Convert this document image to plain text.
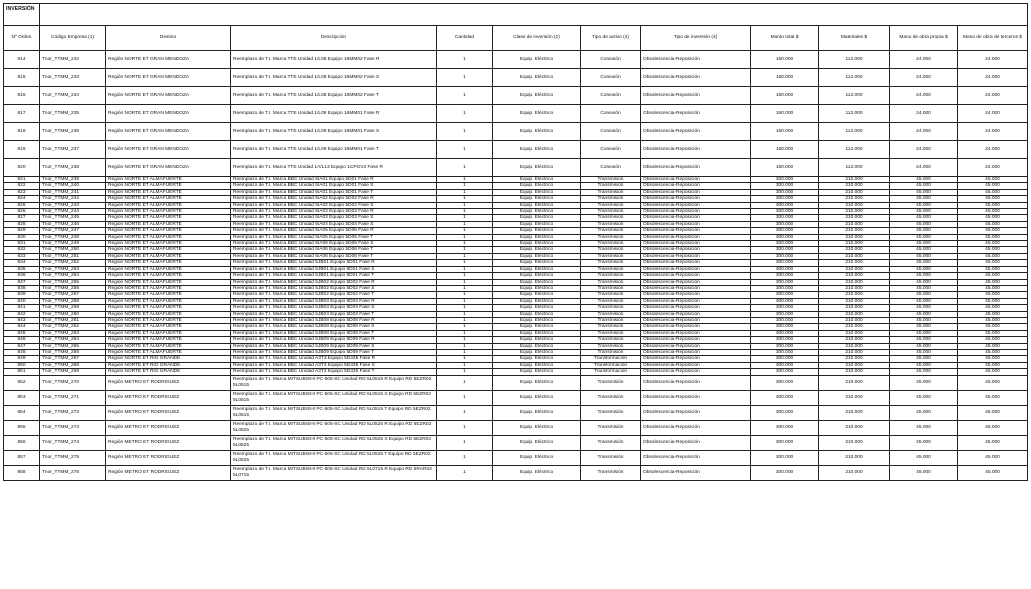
INVERSIÓN											
Nº Orden	Código Empresa (1)	Destino	Descripción	Cantidad	Clase de inversión (2)	Tipo de activo (4)	Tipo de inversión (4)	Monto total $	Materiales $	Mano de obra propia $	Mano de obra de terceros $
814	Tnor_TTMM_232	Región NORTE ET GRAN MENDOZA	Reemplazo de T.I. Marca TTE Unidad 1/L08 Equipo 16MM02 Fase R	1	Equip. Eléctrico	Conexión	Obsolescencia-Reposición	160.000	112.000	24.000	24.000
815	Tnor_TTMM_233	Región NORTE ET GRAN MENDOZA	Reemplazo de T.I. Marca TTE Unidad 1/L08 Equipo 16MM02 Fase S	1	Equip. Eléctrico	Conexión	Obsolescencia-Reposición	160.000	112.000	24.000	24.000
816	Tnor_TTMM_234	Región NORTE ET GRAN MENDOZA	Reemplazo de T.I. Marca TTE Unidad 1/L08 Equipo 16MM02 Fase T	1	Equip. Eléctrico	Conexión	Obsolescencia-Reposición	160.000	112.000	24.000	24.000
817	Tnor_TTMM_235	Región NORTE ET GRAN MENDOZA	Reemplazo de T.I. Marca TTE Unidad 1/L09 Equipo 16MM01 Fase R	1	Equip. Eléctrico	Conexión	Obsolescencia-Reposición	160.000	112.000	24.000	24.000
818	Tnor_TTMM_236	Región NORTE ET GRAN MENDOZA	Reemplazo de T.I. Marca TTE Unidad 1/L09 Equipo 16MM01 Fase S	1	Equip. Eléctrico	Conexión	Obsolescencia-Reposición	160.000	112.000	24.000	24.000
819	Tnor_TTMM_237	Región NORTE ET GRAN MENDOZA	Reemplazo de T.I. Marca TTE Unidad 1/L09 Equipo 16MM01 Fase T	1	Equip. Eléctrico	Conexión	Obsolescencia-Reposición	160.000	112.000	24.000	24.000
820	Tnor_TTMM_238	Región NORTE ET GRAN MENDOZA	Reemplazo de T.I. Marca TTE Unidad 1A/L13 Equipo 1CPGV2 Fase R	1	Equip. Eléctrico	Conexión	Obsolescencia-Reposición	160.000	112.000	24.000	24.000
821	Tnor_TTMM_239	Región NORTE ET ALMAFUERTE	Reemplazo de T.I. Marca BBC Unidad 5IA01 Equipo 5D01 Fase R	1	Equip. Eléctrico	Transmisión	Obsolescencia-Reposición	300.000	210.000	45.000	45.000
822	Tnor_TTMM_240	Región NORTE ET ALMAFUERTE	Reemplazo de T.I. Marca BBC Unidad 5IA01 Equipo 5D01 Fase S	1	Equip. Eléctrico	Transmisión	Obsolescencia-Reposición	300.000	210.000	45.000	45.000
823	Tnor_TTMM_241	Región NORTE ET ALMAFUERTE	Reemplazo de T.I. Marca BBC Unidad 5IA01 Equipo 5D01 Fase T	1	Equip. Eléctrico	Transmisión	Obsolescencia-Reposición	300.000	210.000	45.000	45.000
824	Tnor_TTMM_242	Región NORTE ET ALMAFUERTE	Reemplazo de T.I. Marca BBC Unidad 5IA02 Equipo 5D02 Fase R	1	Equip. Eléctrico	Transmisión	Obsolescencia-Reposición	300.000	210.000	45.000	45.000
825	Tnor_TTMM_243	Región NORTE ET ALMAFUERTE	Reemplazo de T.I. Marca BBC Unidad 5IA02 Equipo 5D02 Fase S	1	Equip. Eléctrico	Transmisión	Obsolescencia-Reposición	300.000	210.000	45.000	45.000
826	Tnor_TTMM_244	Región NORTE ET ALMAFUERTE	Reemplazo de T.I. Marca BBC Unidad 5IA03 Equipo 5D03 Fase R	1	Equip. Eléctrico	Transmisión	Obsolescencia-Reposición	300.000	210.000	45.000	45.000
827	Tnor_TTMM_245	Región NORTE ET ALMAFUERTE	Reemplazo de T.I. Marca BBC Unidad 5IA03 Equipo 5D03 Fase S	1	Equip. Eléctrico	Transmisión	Obsolescencia-Reposición	300.000	210.000	45.000	45.000
828	Tnor_TTMM_246	Región NORTE ET ALMAFUERTE	Reemplazo de T.I. Marca BBC Unidad 5IA04 Equipo 5D04 Fase S	1	Equip. Eléctrico	Transmisión	Obsolescencia-Reposición	300.000	210.000	45.000	45.000
829	Tnor_TTMM_247	Región NORTE ET ALMAFUERTE	Reemplazo de T.I. Marca BBC Unidad 5IA05 Equipo 5D05 Fase R	1	Equip. Eléctrico	Transmisión	Obsolescencia-Reposición	300.000	210.000	45.000	45.000
830	Tnor_TTMM_248	Región NORTE ET ALMAFUERTE	Reemplazo de T.I. Marca BBC Unidad 5IA05 Equipo 5D05 Fase T	1	Equip. Eléctrico	Transmisión	Obsolescencia-Reposición	300.000	210.000	45.000	45.000
831	Tnor_TTMM_249	Región NORTE ET ALMAFUERTE	Reemplazo de T.I. Marca BBC Unidad 5IA06 Equipo 5D06 Fase S	1	Equip. Eléctrico	Transmisión	Obsolescencia-Reposición	300.000	210.000	45.000	45.000
832	Tnor_TTMM_250	Región NORTE ET ALMAFUERTE	Reemplazo de T.I. Marca BBC Unidad 5IA06 Equipo 5D06 Fase T	1	Equip. Eléctrico	Transmisión	Obsolescencia-Reposición	300.000	210.000	45.000	45.000
833	Tnor_TTMM_251	Región NORTE ET ALMAFUERTE	Reemplazo de T.I. Marca BBC Unidad 5IA06 Equipo 5D06 Fase T	1	Equip. Eléctrico	Transmisión	Obsolescencia-Reposición	300.000	210.000	45.000	45.000
834	Tnor_TTMM_252	Región NORTE ET ALMAFUERTE	Reemplazo de T.I. Marca BBC Unidad 5JB01 Equipo 5D01 Fase R	1	Equip. Eléctrico	Transmisión	Obsolescencia-Reposición	300.000	210.000	45.000	45.000
835	Tnor_TTMM_253	Región NORTE ET ALMAFUERTE	Reemplazo de T.I. Marca BBC Unidad 5JB01 Equipo 5D01 Fase S	1	Equip. Eléctrico	Transmisión	Obsolescencia-Reposición	300.000	210.000	45.000	45.000
836	Tnor_TTMM_254	Región NORTE ET ALMAFUERTE	Reemplazo de T.I. Marca BBC Unidad 5JB01 Equipo 5D01 Fase T	1	Equip. Eléctrico	Transmisión	Obsolescencia-Reposición	300.000	210.000	45.000	45.000
837	Tnor_TTMM_255	Región NORTE ET ALMAFUERTE	Reemplazo de T.I. Marca BBC Unidad 5JB02 Equipo 5D02 Fase R	1	Equip. Eléctrico	Transmisión	Obsolescencia-Reposición	300.000	210.000	45.000	45.000
838	Tnor_TTMM_256	Región NORTE ET ALMAFUERTE	Reemplazo de T.I. Marca BBC Unidad 5JB02 Equipo 5D02 Fase S	1	Equip. Eléctrico	Transmisión	Obsolescencia-Reposición	300.000	210.000	45.000	45.000
839	Tnor_TTMM_257	Región NORTE ET ALMAFUERTE	Reemplazo de T.I. Marca BBC Unidad 5JB02 Equipo 5D02 Fase T	1	Equip. Eléctrico	Transmisión	Obsolescencia-Reposición	300.000	210.000	45.000	45.000
840	Tnor_TTMM_258	Región NORTE ET ALMAFUERTE	Reemplazo de T.I. Marca BBC Unidad 5JB03 Equipo 5D03 Fase R	1	Equip. Eléctrico	Transmisión	Obsolescencia-Reposición	300.000	210.000	45.000	45.000
841	Tnor_TTMM_259	Región NORTE ET ALMAFUERTE	Reemplazo de T.I. Marca BBC Unidad 5JB03 Equipo 5D03 Fase S	1	Equip. Eléctrico	Transmisión	Obsolescencia-Reposición	300.000	210.000	45.000	45.000
842	Tnor_TTMM_260	Región NORTE ET ALMAFUERTE	Reemplazo de T.I. Marca BBC Unidad 5JB03 Equipo 5D03 Fase T	1	Equip. Eléctrico	Transmisión	Obsolescencia-Reposición	300.000	210.000	45.000	45.000
843	Tnor_TTMM_261	Región NORTE ET ALMAFUERTE	Reemplazo de T.I. Marca BBC Unidad 5JB08 Equipo 5D08 Fase R	1	Equip. Eléctrico	Transmisión	Obsolescencia-Reposición	300.000	210.000	45.000	45.000
844	Tnor_TTMM_262	Región NORTE ET ALMAFUERTE	Reemplazo de T.I. Marca BBC Unidad 5JB08 Equipo 5D08 Fase S	1	Equip. Eléctrico	Transmisión	Obsolescencia-Reposición	300.000	210.000	45.000	45.000
845	Tnor_TTMM_263	Región NORTE ET ALMAFUERTE	Reemplazo de T.I. Marca BBC Unidad 5JB08 Equipo 5D08 Fase T	1	Equip. Eléctrico	Transmisión	Obsolescencia-Reposición	300.000	210.000	45.000	45.000
846	Tnor_TTMM_264	Región NORTE ET ALMAFUERTE	Reemplazo de T.I. Marca BBC Unidad 5JB09 Equipo 5D09 Fase R	1	Equip. Eléctrico	Transmisión	Obsolescencia-Reposición	300.000	210.000	45.000	45.000
847	Tnor_TTMM_265	Región NORTE ET ALMAFUERTE	Reemplazo de T.I. Marca BBC Unidad 5JB09 Equipo 5D09 Fase S	1	Equip. Eléctrico	Transmisión	Obsolescencia-Reposición	300.000	210.000	45.000	45.000
848	Tnor_TTMM_266	Región NORTE ET ALMAFUERTE	Reemplazo de T.I. Marca BBC Unidad 5JB09 Equipo 5D09 Fase T	1	Equip. Eléctrico	Transmisión	Obsolescencia-Reposición	300.000	210.000	45.000	45.000
849	Tnor_TTMM_267	Región NORTE ET RIO GRANDE	Reemplazo de T.I. Marca BBC Unidad A3T3 Equipo 5D335 Fase R	1	Equip. Eléctrico	Transformación	Obsolescencia-Reposición	300.000	210.000	45.000	45.000
850	Tnor_TTMM_268	Región NORTE ET RIO GRANDE	Reemplazo de T.I. Marca BBC Unidad A3T3 Equipo 5D335 Fase S	1	Equip. Eléctrico	Transformación	Obsolescencia-Reposición	300.000	210.000	45.000	45.000
851	Tnor_TTMM_269	Región NORTE ET RIO GRANDE	Reemplazo de T.I. Marca BBC Unidad A3T3 Equipo 5D335 Fase T	1	Equip. Eléctrico	Transformación	Obsolescencia-Reposición	300.000	210.000	45.000	45.000
852	Tnor_TTMM_270	Región METRO ET RODRIGUEZ	Reemplazo de T.I. Marca MITSUBISHI PC-505-SC Unidad RD 5L0515 R Equipo RD 5EZR02 5L0515	1	Equip. Eléctrico	Transmisión	Obsolescencia-Reposición	300.000	210.000	45.000	45.000
853	Tnor_TTMM_271	Región METRO ET RODRIGUEZ	Reemplazo de T.I. Marca MITSUBISHI PC-505-SC Unidad RD 5L0515 S Equipo RD 5EZR02 5L0515	1	Equip. Eléctrico	Transmisión	Obsolescencia-Reposición	300.000	210.000	45.000	45.000
854	Tnor_TTMM_272	Región METRO ET RODRIGUEZ	Reemplazo de T.I. Marca MITSUBISHI PC-505-SC Unidad RD 5L0515 T Equipo RD 5EZR02 5L0515	1	Equip. Eléctrico	Transmisión	Obsolescencia-Reposición	300.000	210.000	45.000	45.000
855	Tnor_TTMM_273	Región METRO ET RODRIGUEZ	Reemplazo de T.I. Marca MITSUBISHI PC-505-SC Unidad RD 5L0525 R Equipo RD 5EZR02 5L0525	1	Equip. Eléctrico	Transmisión	Obsolescencia-Reposición	300.000	210.000	45.000	45.000
856	Tnor_TTMM_274	Región METRO ET RODRIGUEZ	Reemplazo de T.I. Marca MITSUBISHI PC-505-SC Unidad RD 5L0525 S Equipo RD 5EZR02 5L0525	1	Equip. Eléctrico	Transmisión	Obsolescencia-Reposición	300.000	210.000	45.000	45.000
857	Tnor_TTMM_275	Región METRO ET RODRIGUEZ	Reemplazo de T.I. Marca MITSUBISHI PC-505-SC Unidad RD 5L0525 T Equipo RD 5EZR02 5L0525	1	Equip. Eléctrico	Transmisión	Obsolescencia-Reposición	300.000	210.000	45.000	45.000
858	Tnor_TTMM_276	Región METRO ET RODRIGUEZ	Reemplazo de T.I. Marca MITSUBISHI PC-505-SC Unidad RD 5L0715 R Equipo RD 5RAR03 5L0715	1	Equip. Eléctrico	Transmisión	Obsolescencia-Reposición	300.000	210.000	45.000	45.000
